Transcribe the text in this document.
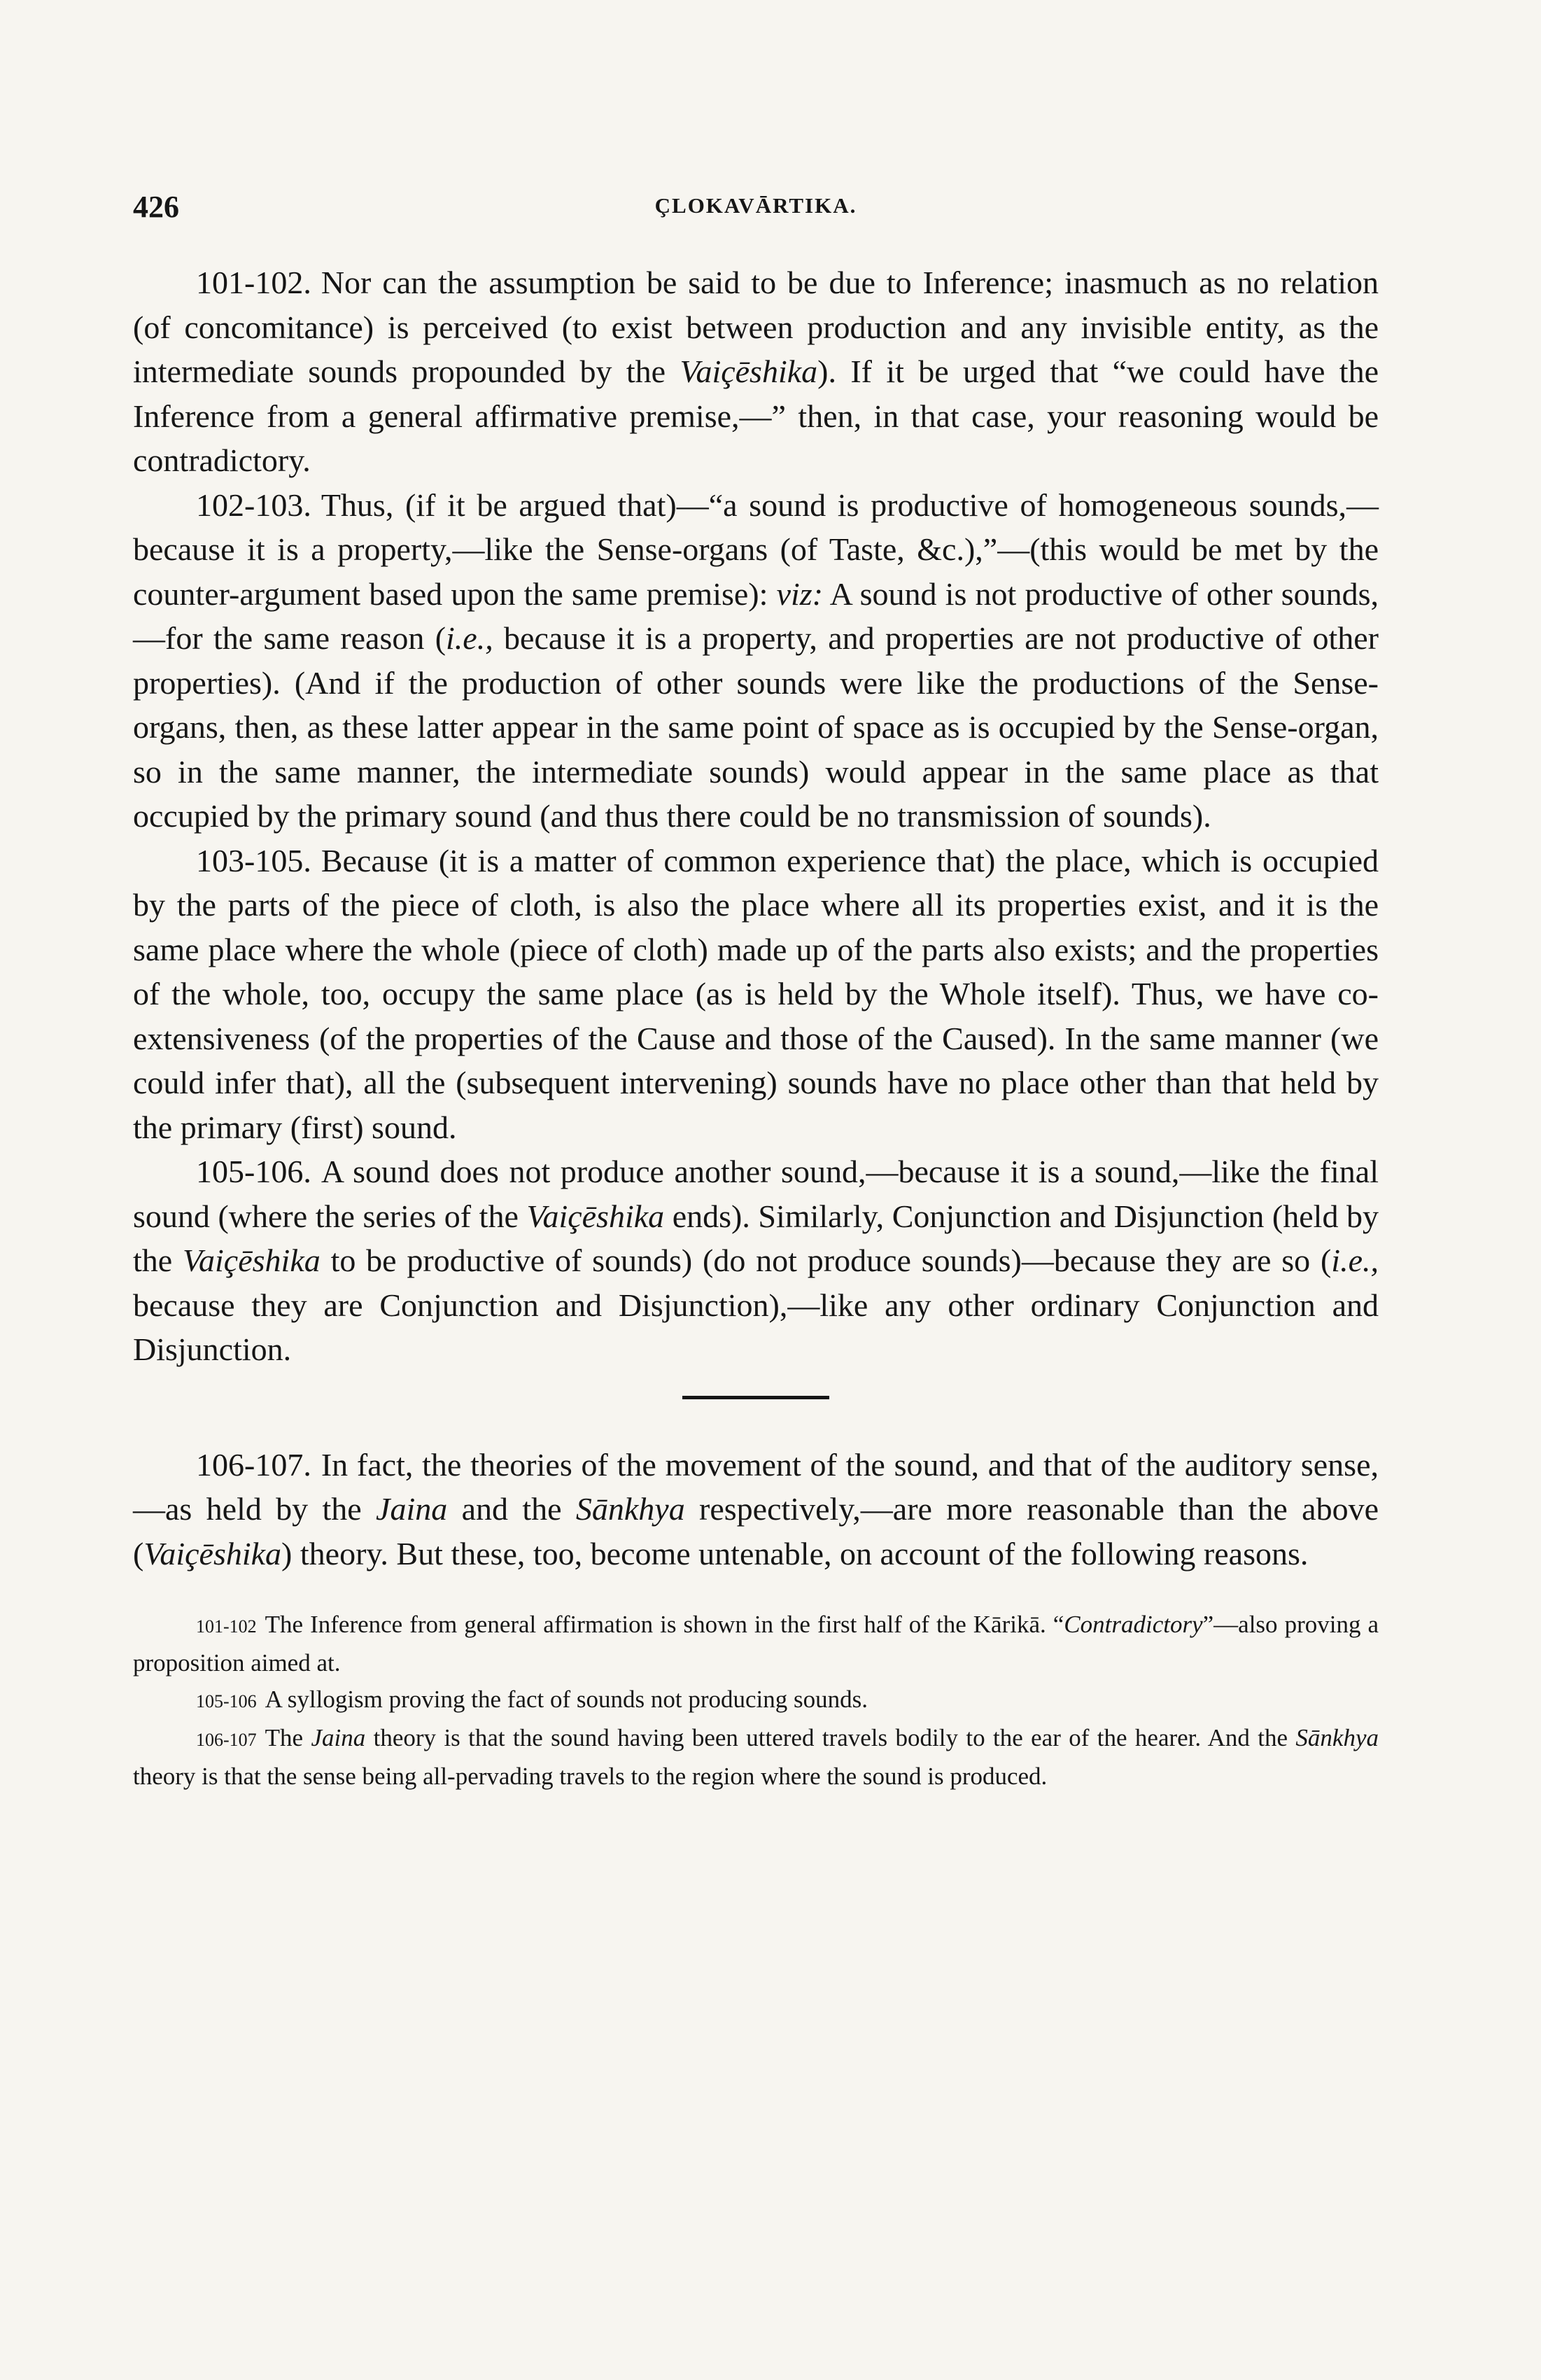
426	ÇLOKAVĀRTIKA.

101-102. Nor can the assumption be said to be due to Inference; inasmuch as no relation (of concomitance) is perceived (to exist between production and any invisible entity, as the intermediate sounds propounded by the Vaiçēshika). If it be urged that “we could have the Inference from a general affirmative premise,—” then, in that case, your reasoning would be contradictory.

102-103. Thus, (if it be argued that)—“a sound is productive of homogeneous sounds,—because it is a property,—like the Sense-organs (of Taste, &c.),”—(this would be met by the counter-argument based upon the same premise): viz: A sound is not productive of other sounds,—for the same reason (i.e., because it is a property, and properties are not productive of other properties). (And if the production of other sounds were like the productions of the Sense-organs, then, as these latter appear in the same point of space as is occupied by the Sense-organ, so in the same manner, the intermediate sounds) would appear in the same place as that occupied by the primary sound (and thus there could be no transmission of sounds).

103-105. Because (it is a matter of common experience that) the place, which is occupied by the parts of the piece of cloth, is also the place where all its properties exist, and it is the same place where the whole (piece of cloth) made up of the parts also exists; and the properties of the whole, too, occupy the same place (as is held by the Whole itself). Thus, we have co-extensiveness (of the properties of the Cause and those of the Caused). In the same manner (we could infer that), all the (subsequent intervening) sounds have no place other than that held by the primary (first) sound.

105-106. A sound does not produce another sound,—because it is a sound,—like the final sound (where the series of the Vaiçēshika ends). Similarly, Conjunction and Disjunction (held by the Vaiçēshika to be productive of sounds) (do not produce sounds)—because they are so (i.e., because they are Conjunction and Disjunction),—like any other ordinary Conjunction and Disjunction.

106-107. In fact, the theories of the movement of the sound, and that of the auditory sense,—as held by the Jaina and the Sānkhya respectively,—are more reasonable than the above (Vaiçēshika) theory. But these, too, become untenable, on account of the following reasons.

101-102 The Inference from general affirmation is shown in the first half of the Kārikā. “Contradictory”—also proving a proposition aimed at.

105-106 A syllogism proving the fact of sounds not producing sounds.

106-107 The Jaina theory is that the sound having been uttered travels bodily to the ear of the hearer. And the Sānkhya theory is that the sense being all-pervading travels to the region where the sound is produced.
